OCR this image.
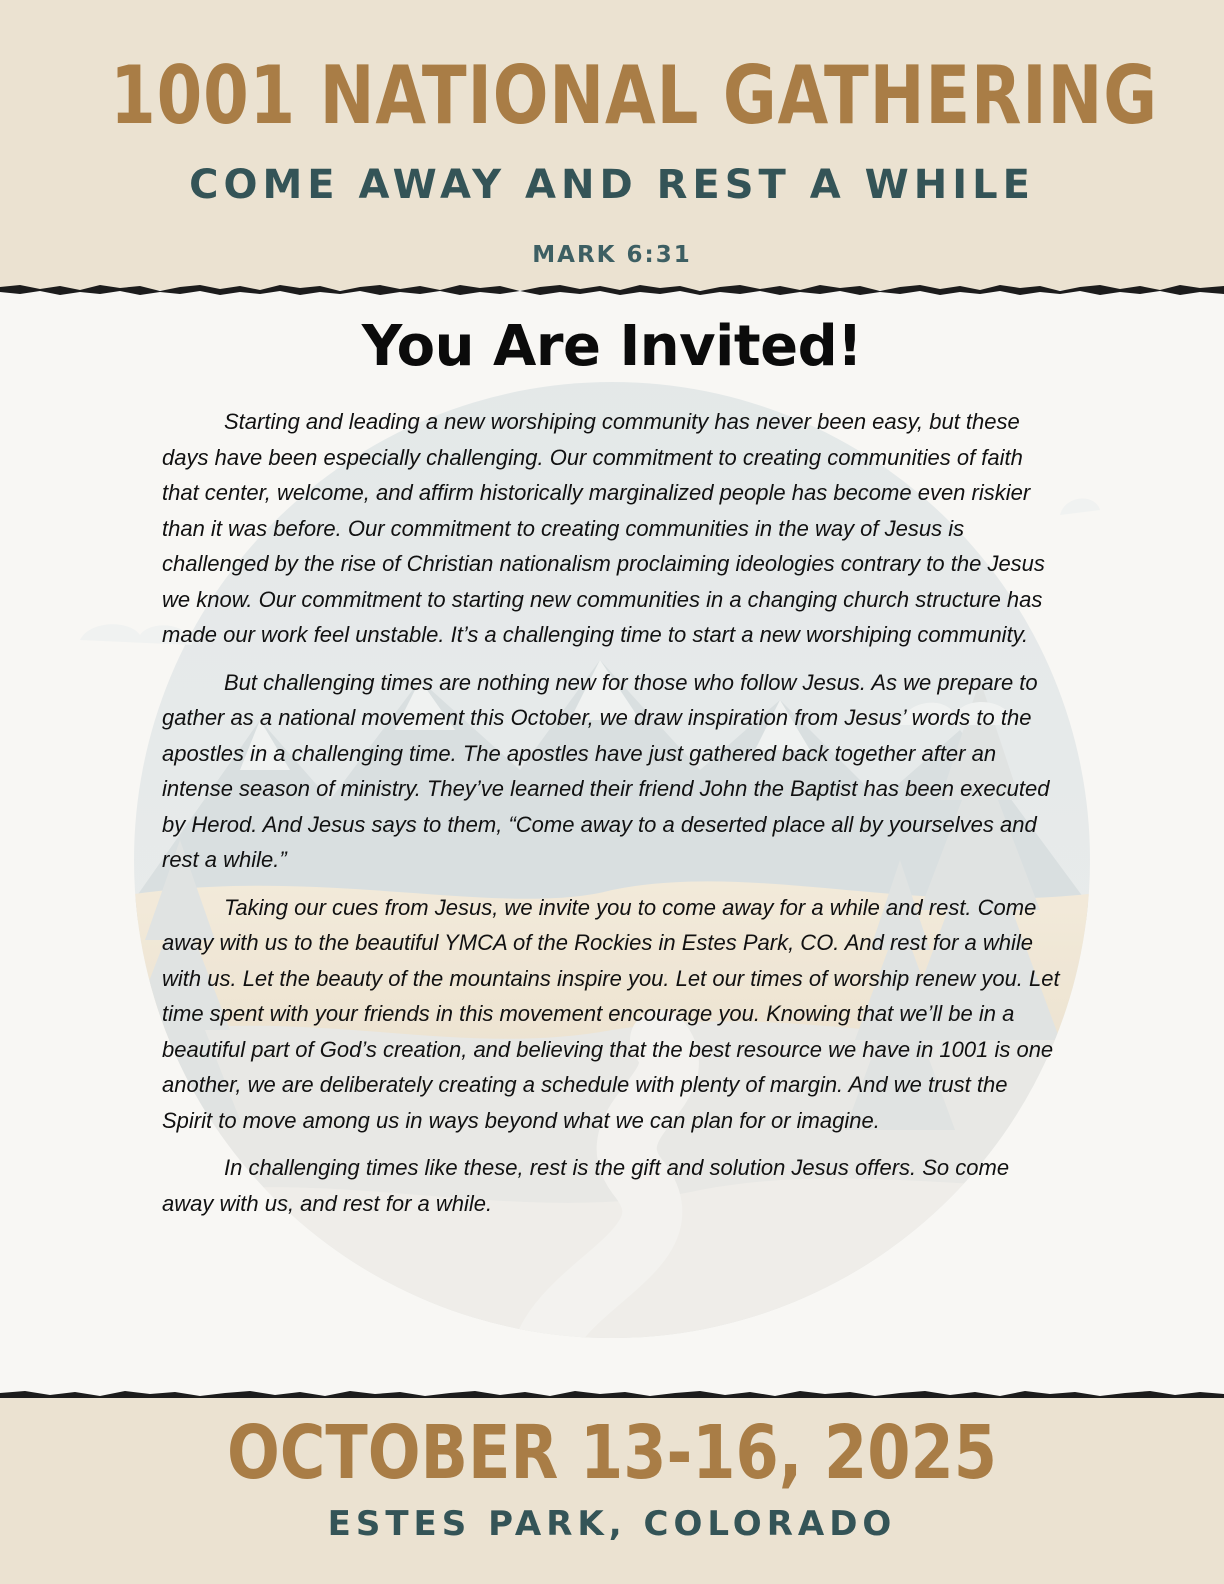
1001 NATIONAL GATHERING
COME AWAY AND REST A WHILE
MARK 6:31
You Are Invited!

Starting and leading a new worshiping community has never been easy, but these days have been especially challenging. Our commitment to creating communities of faith that center, welcome, and affirm historically marginalized people has become even riskier than it was before. Our commitment to creating communities in the way of Jesus is challenged by the rise of Christian nationalism proclaiming ideologies contrary to the Jesus we know. Our commitment to starting new communities in a changing church structure has made our work feel unstable. It’s a challenging time to start a new worshiping community.

But challenging times are nothing new for those who follow Jesus. As we prepare to gather as a national movement this October, we draw inspiration from Jesus’ words to the apostles in a challenging time. The apostles have just gathered back together after an intense season of ministry. They’ve learned their friend John the Baptist has been executed by Herod. And Jesus says to them, “Come away to a deserted place all by yourselves and rest a while.”

Taking our cues from Jesus, we invite you to come away for a while and rest. Come away with us to the beautiful YMCA of the Rockies in Estes Park, CO. And rest for a while with us. Let the beauty of the mountains inspire you. Let our times of worship renew you. Let time spent with your friends in this movement encourage you. Knowing that we’ll be in a beautiful part of God’s creation, and believing that the best resource we have in 1001 is one another, we are deliberately creating a schedule with plenty of margin. And we trust the Spirit to move among us in ways beyond what we can plan for or imagine.

In challenging times like these, rest is the gift and solution Jesus offers. So come away with us, and rest for a while.

OCTOBER 13-16, 2025
ESTES PARK, COLORADO
